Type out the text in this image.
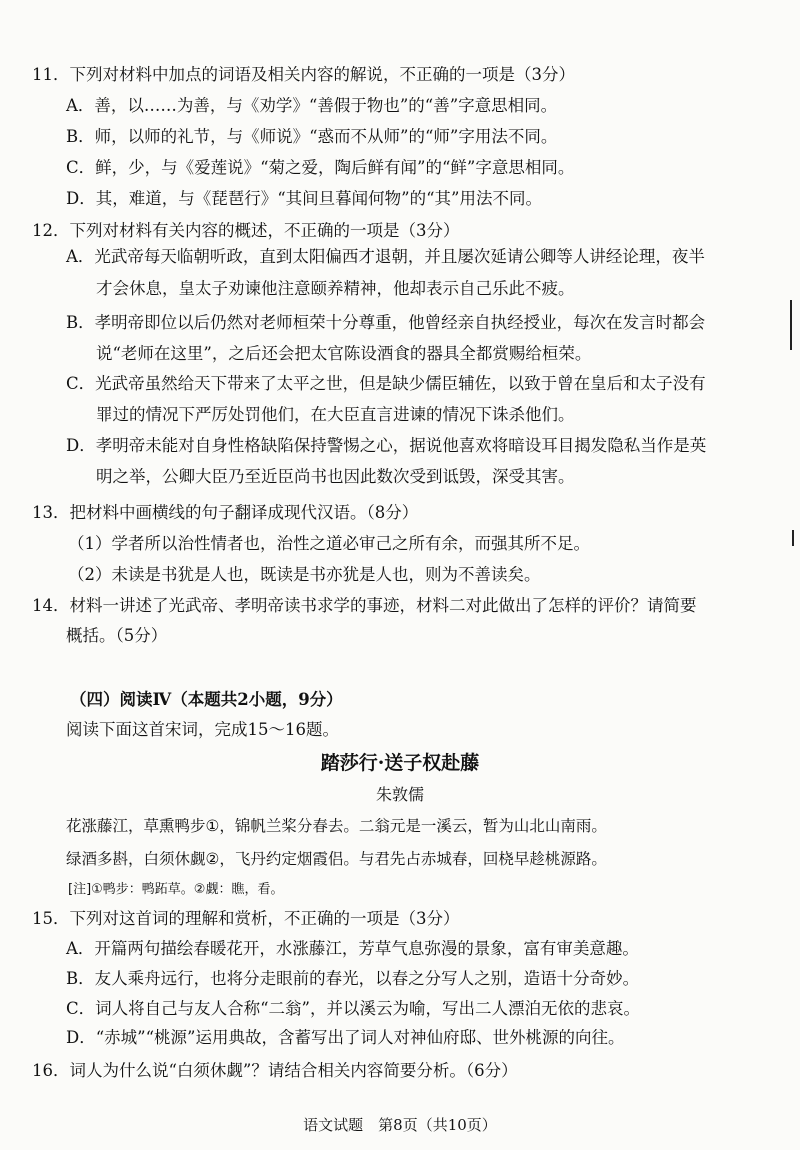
11．下列对材料中加点的词语及相关内容的解说，不正确的一项是（3分）
A．善，以……为善，与《劝学》“善假于物也”的“善”字意思相同。
B．师，以师的礼节，与《师说》“惑而不从师”的“师”字用法不同。
C．鲜，少，与《爱莲说》“菊之爱，陶后鲜有闻”的“鲜”字意思相同。
D．其，难道，与《琵琶行》“其间旦暮闻何物”的“其”用法不同。
12．下列对材料有关内容的概述，不正确的一项是（3分）
A．光武帝每天临朝听政，直到太阳偏西才退朝，并且屡次延请公卿等人讲经论理，夜半
才会休息，皇太子劝谏他注意颐养精神，他却表示自己乐此不疲。
B．孝明帝即位以后仍然对老师桓荣十分尊重，他曾经亲自执经授业，每次在发言时都会
说“老师在这里”，之后还会把太官陈设酒食的器具全都赏赐给桓荣。
C．光武帝虽然给天下带来了太平之世，但是缺少儒臣辅佐，以致于曾在皇后和太子没有
罪过的情况下严厉处罚他们，在大臣直言进谏的情况下诛杀他们。
D．孝明帝未能对自身性格缺陷保持警惕之心，据说他喜欢将暗设耳目揭发隐私当作是英
明之举，公卿大臣乃至近臣尚书也因此数次受到诋毁，深受其害。
13．把材料中画横线的句子翻译成现代汉语。（8分）
（1）学者所以治性情者也，治性之道必审己之所有余，而强其所不足。
（2）未读是书犹是人也，既读是书亦犹是人也，则为不善读矣。
14．材料一讲述了光武帝、孝明帝读书求学的事迹，材料二对此做出了怎样的评价？请简要
概括。（5分）
（四）阅读Ⅳ（本题共2小题，9分）
阅读下面这首宋词，完成15～16题。
踏莎行·送子权赴藤
朱敦儒
花涨藤江，草熏鸭步①，锦帆兰桨分春去。二翁元是一溪云，暂为山北山南雨。
绿酒多斟，白须休觑②，飞丹约定烟霞侣。与君先占赤城春，回桡早趁桃源路。
[注]①鸭步：鸭跖草。②觑：瞧，看。
15．下列对这首词的理解和赏析，不正确的一项是（3分）
A．开篇两句描绘春暖花开，水涨藤江，芳草气息弥漫的景象，富有审美意趣。
B．友人乘舟远行，也将分走眼前的春光，以春之分写人之别，造语十分奇妙。
C．词人将自己与友人合称“二翁”，并以溪云为喻，写出二人漂泊无依的悲哀。
D．“赤城”“桃源”运用典故，含蓄写出了词人对神仙府邸、世外桃源的向往。
16．词人为什么说“白须休觑”？请结合相关内容简要分析。（6分）
语文试题　第8页（共10页）
